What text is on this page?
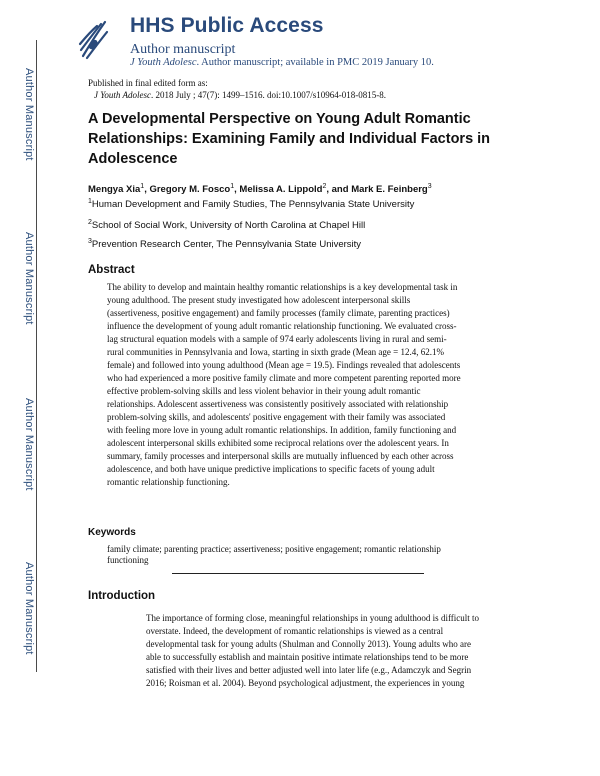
Author Manuscript
Author Manuscript
Author Manuscript
Author Manuscript
HHS Public Access
Author manuscript
J Youth Adolesc. Author manuscript; available in PMC 2019 January 10.
Published in final edited form as:
J Youth Adolesc. 2018 July ; 47(7): 1499–1516. doi:10.1007/s10964-018-0815-8.
A Developmental Perspective on Young Adult Romantic
Relationships: Examining Family and Individual Factors in
Adolescence
Mengya Xia$^1$, Gregory M. Fosco$^1$, Melissa A. Lippold$^2$, and Mark E. Feinberg$^3$
$^1$Human Development and Family Studies, The Pennsylvania State University
$^2$School of Social Work, University of North Carolina at Chapel Hill
$^3$Prevention Research Center, The Pennsylvania State University
Abstract
The ability to develop and maintain healthy romantic relationships is a key developmental task in
young adulthood. The present study investigated how adolescent interpersonal skills
(assertiveness, positive engagement) and family processes (family climate, parenting practices)
influence the development of young adult romantic relationship functioning. We evaluated cross-
lag structural equation models with a sample of 974 early adolescents living in rural and semi-
rural communities in Pennsylvania and Iowa, starting in sixth grade (Mean age = 12.4, 62.1%
female) and followed into young adulthood (Mean age = 19.5). Findings revealed that adolescents
who had experienced a more positive family climate and more competent parenting reported more
effective problem-solving skills and less violent behavior in their young adult romantic
relationships. Adolescent assertiveness was consistently positively associated with relationship
problem-solving skills, and adolescents' positive engagement with their family was associated
with feeling more love in young adult romantic relationships. In addition, family functioning and
adolescent interpersonal skills exhibited some reciprocal relations over the adolescent years. In
summary, family processes and interpersonal skills are mutually influenced by each other across
adolescence, and both have unique predictive implications to specific facets of young adult
romantic relationship functioning.
Keywords
family climate; parenting practice; assertiveness; positive engagement; romantic relationship
functioning
Introduction
The importance of forming close, meaningful relationships in young adulthood is difficult to
overstate. Indeed, the development of romantic relationships is viewed as a central
developmental task for young adults (Shulman and Connolly 2013). Young adults who are
able to successfully establish and maintain positive intimate relationships tend to be more
satisfied with their lives and better adjusted well into later life (e.g., Adamczyk and Segrin
2016; Roisman et al. 2004). Beyond psychological adjustment, the experiences in young
